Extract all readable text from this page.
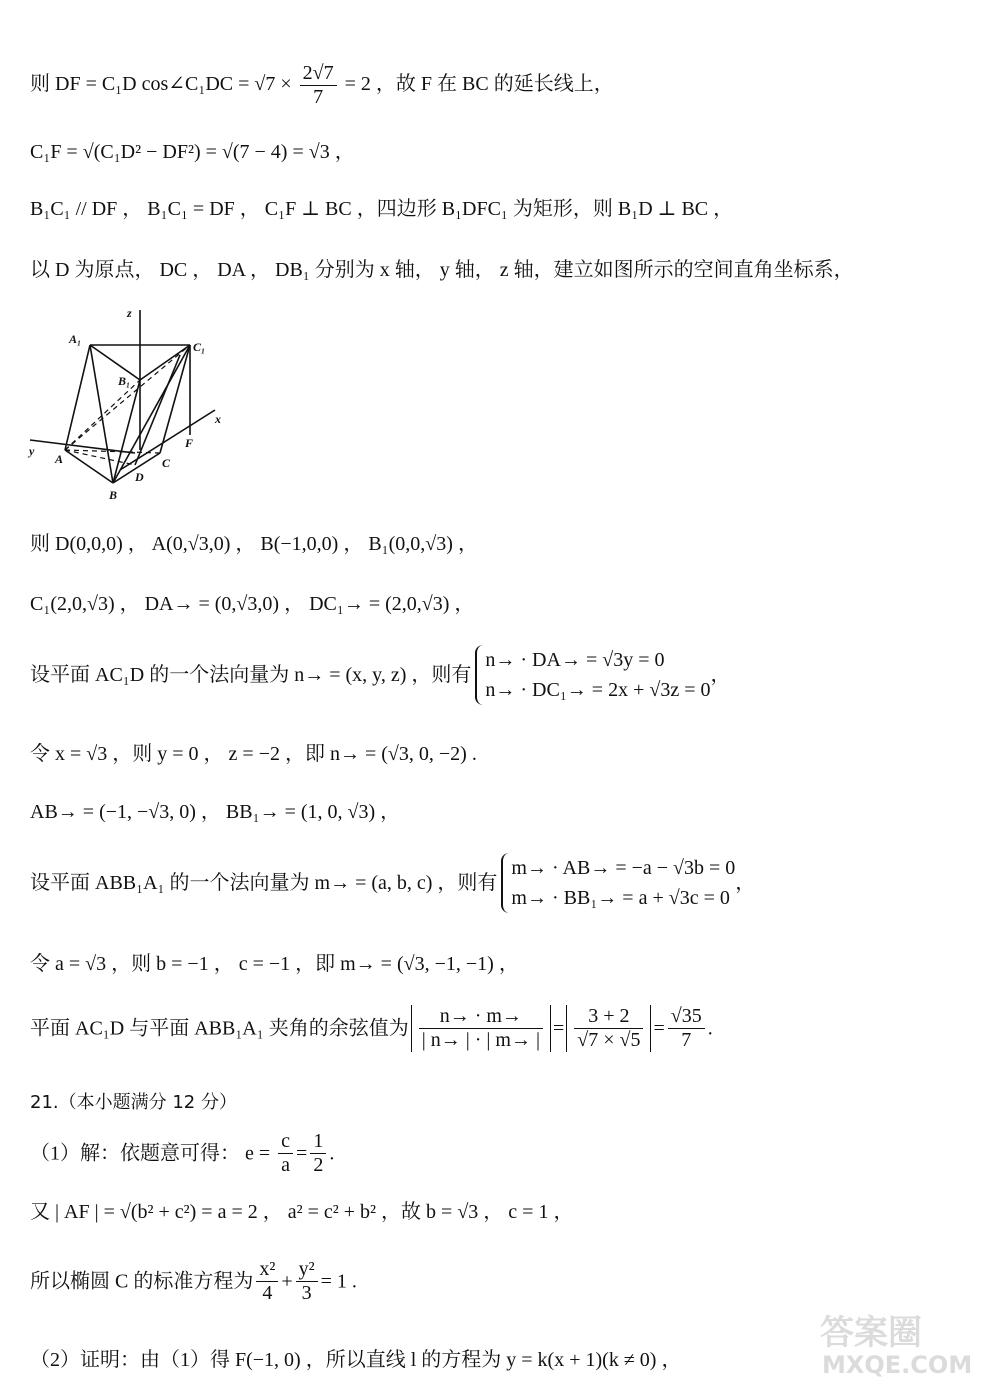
则 DF = C₁D cos∠C₁DC = $√7 \times \frac{2√7}{7} = 2$ ，故 F 在 BC 的延长线上，
C₁F = √(C₁D² − DF²) = √(7 − 4) = √3 ，
B₁C₁ // DF ， B₁C₁ = DF ， C₁F ⊥ BC ，四边形 B₁DFC₁ 为矩形，则 B₁D ⊥ BC ，
以 D 为原点， DC ， DA ， DB₁ 分别为 x 轴， y 轴， z 轴，建立如图所示的空间直角坐标系，
z
x
y
A₁
C₁
B₁
A
B
C
D
F
则 D(0,0,0) ， A(0,√3,0) ， B(−1,0,0) ， B₁(0,0,√3) ，
C₁(2,0,√3) ， DA→ = (0,√3,0) ， DC₁→ = (2,0,√3) ，
设平面 AC₁D 的一个法向量为 n→ = (x, y, z) ，则有
n→ · DA→ = √3y = 0
n→ · DC₁→ = 2x + √3z = 0
，
令 x = √3 ，则 y = 0 ， z = −2 ，即 n→ = (√3, 0, −2) .
AB→ = (−1, −√3, 0) ， BB₁→ = (1, 0, √3) ，
设平面 ABB₁A₁ 的一个法向量为 m→ = (a, b, c) ，则有
m→ · AB→ = −a − √3b = 0
m→ · BB₁→ = a + √3c = 0
，
令 a = √3 ，则 b = −1 ， c = −1 ，即 m→ = (√3, −1, −1) ，
平面 AC₁D 与平面 ABB₁A₁ 夹角的余弦值为 $\frac{n\to \cdot m\to}{| n\to | \cdot | m\to |} = \frac{3 + 2}{√7 \times √5} = \frac{√35}{7}$ .
21.（本小题满分 12 分）
（1）解：依题意可得： $e = \frac{c}{a} = \frac{1}{2}$ .
又 | AF | = √(b² + c²) = a = 2 ， a² = c² + b² ，故 b = √3 ， c = 1 ，
所以椭圆 C 的标准方程为 $\frac{\text{x²}}{4} + \frac{\text{y²}}{3} = 1$ .
（2）证明：由（1）得 F(−1, 0) ，所以直线 l 的方程为 y = k(x + 1)(k ≠ 0) ，
答案圈
MXQE.COM
